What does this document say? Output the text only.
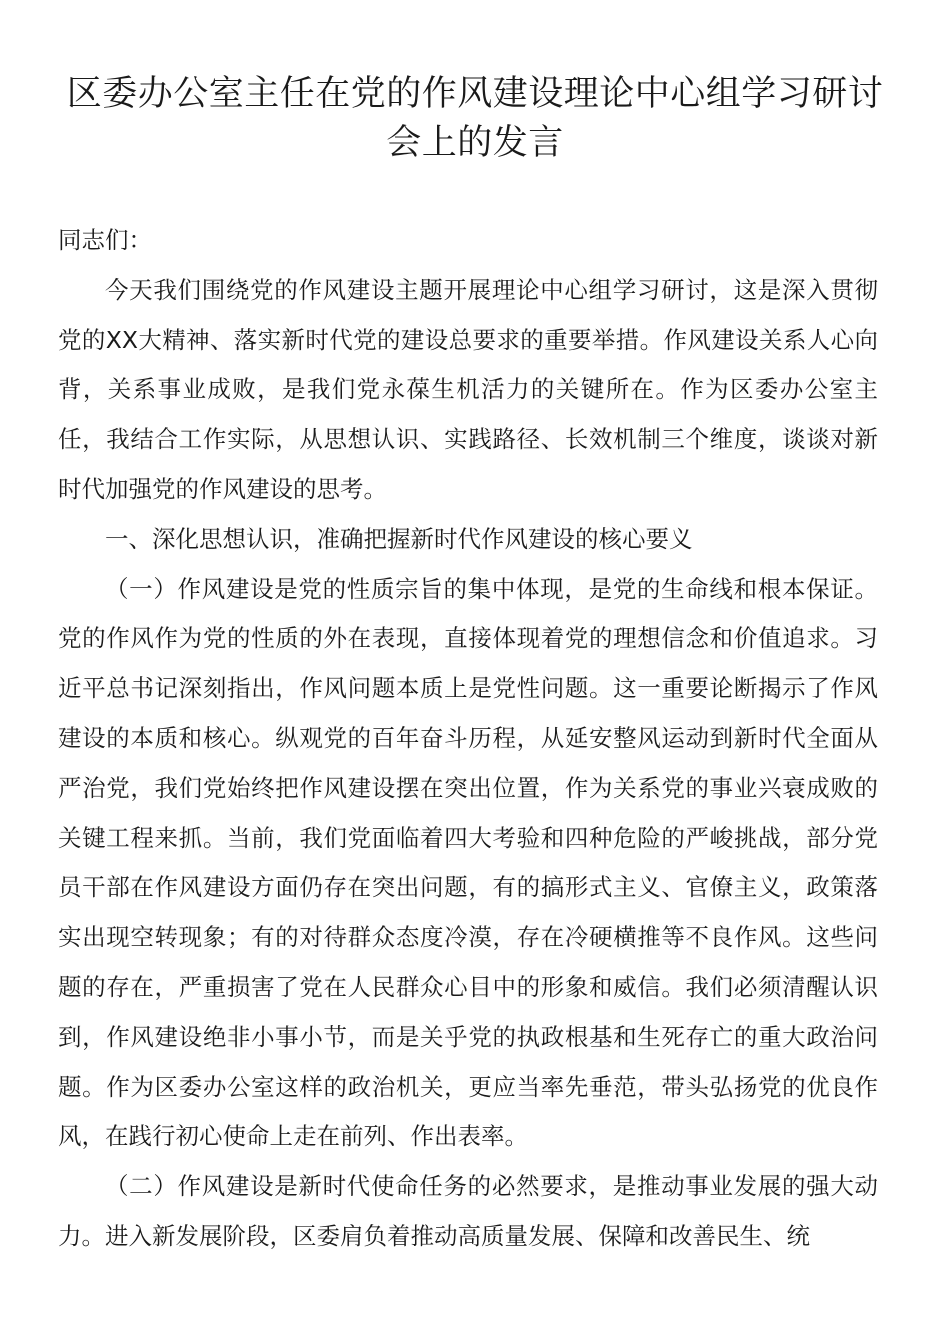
区委办公室主任在党的作风建设理论中心组学习研讨会上的发言

同志们：

今天我们围绕党的作风建设主题开展理论中心组学习研讨，这是深入贯彻党的XX大精神、落实新时代党的建设总要求的重要举措。作风建设关系人心向背，关系事业成败，是我们党永葆生机活力的关键所在。作为区委办公室主任，我结合工作实际，从思想认识、实践路径、长效机制三个维度，谈谈对新时代加强党的作风建设的思考。

一、深化思想认识，准确把握新时代作风建设的核心要义

（一）作风建设是党的性质宗旨的集中体现，是党的生命线和根本保证。党的作风作为党的性质的外在表现，直接体现着党的理想信念和价值追求。习近平总书记深刻指出，作风问题本质上是党性问题。这一重要论断揭示了作风建设的本质和核心。纵观党的百年奋斗历程，从延安整风运动到新时代全面从严治党，我们党始终把作风建设摆在突出位置，作为关系党的事业兴衰成败的关键工程来抓。当前，我们党面临着四大考验和四种危险的严峻挑战，部分党员干部在作风建设方面仍存在突出问题，有的搞形式主义、官僚主义，政策落实出现空转现象；有的对待群众态度冷漠，存在冷硬横推等不良作风。这些问题的存在，严重损害了党在人民群众心目中的形象和威信。我们必须清醒认识到，作风建设绝非小事小节，而是关乎党的执政根基和生死存亡的重大政治问题。作为区委办公室这样的政治机关，更应当率先垂范，带头弘扬党的优良作风，在践行初心使命上走在前列、作出表率。

（二）作风建设是新时代使命任务的必然要求，是推动事业发展的强大动力。进入新发展阶段，区委肩负着推动高质量发展、保障和改善民生、统
